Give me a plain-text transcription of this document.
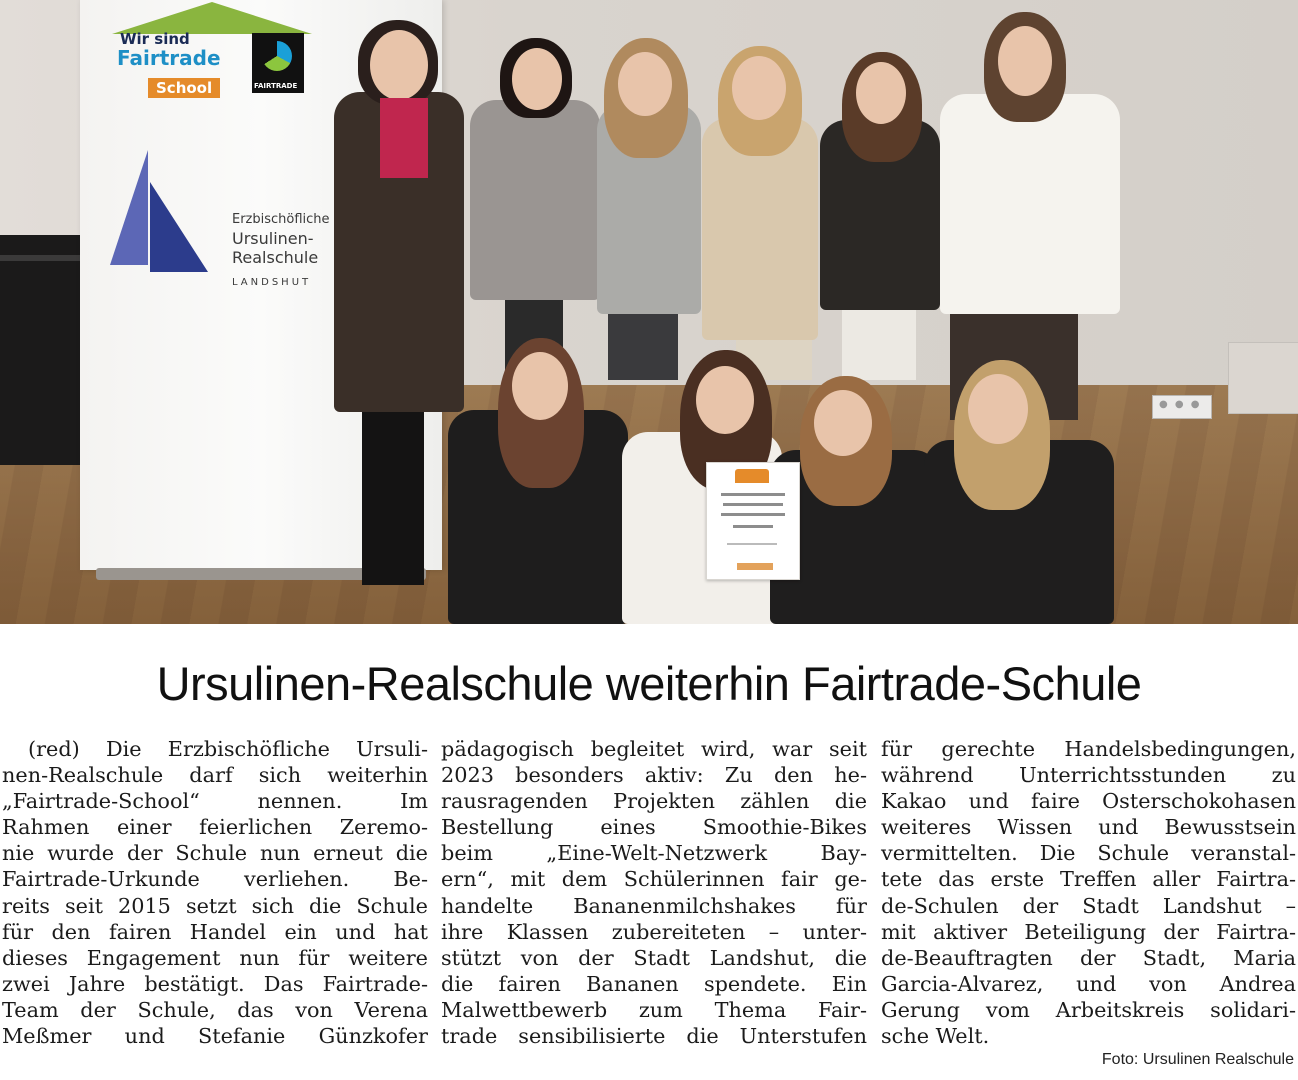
● ● ●
Wir sind
Fairtrade
School	FAIRTRADE
Erzbischöfliche
Ursulinen-
Realschule
LANDSHUT
Ursulinen-Realschule weiterhin Fairtrade-Schule
(red) Die Erzbischöfliche Ursuli-
nen-Realschule darf sich weiterhin
„Fairtrade-School“ nennen. Im
Rahmen einer feierlichen Zeremo-
nie wurde der Schule nun erneut die
Fairtrade-Urkunde verliehen. Be-
reits seit 2015 setzt sich die Schule
für den fairen Handel ein und hat
dieses Engagement nun für weitere
zwei Jahre bestätigt. Das Fairtrade-
Team der Schule, das von Verena
Meßmer und Stefanie Günzkofer
pädagogisch begleitet wird, war seit
2023 besonders aktiv: Zu den he-
rausragenden Projekten zählen die
Bestellung eines Smoothie-Bikes
beim „Eine-Welt-Netzwerk Bay-
ern“, mit dem Schülerinnen fair ge-
handelte Bananenmilchshakes für
ihre Klassen zubereiteten – unter-
stützt von der Stadt Landshut, die
die fairen Bananen spendete. Ein
Malwettbewerb zum Thema Fair-
trade sensibilisierte die Unterstufen
für gerechte Handelsbedingungen,
während Unterrichtsstunden zu
Kakao und faire Osterschokohasen
weiteres Wissen und Bewusstsein
vermittelten. Die Schule veranstal-
tete das erste Treffen aller Fairtra-
de-Schulen der Stadt Landshut –
mit aktiver Beteiligung der Fairtra-
de-Beauftragten der Stadt, Maria
Garcia-Alvarez, und von Andrea
Gerung vom Arbeitskreis solidari-
sche Welt.
Foto: Ursulinen Realschule
